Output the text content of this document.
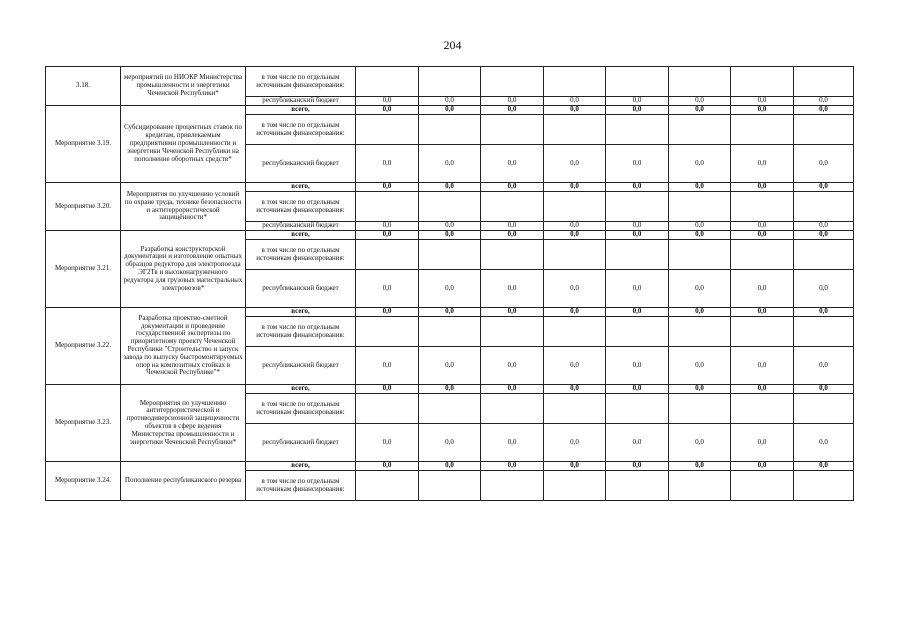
204
3.18.	мероприятий по НИОКР Министерства промышленности и энергетики Чеченской Республики*	в том числе по отдельным источникам финансирования:								
		республиканский бюджет	0,0	0,0	0,0	0,0	0,0	0,0	0,0	0,0
Мероприятие 3.19.	Субсидирование процентных ставок по кредитам, привлекаемым предприятиями промышленности и энергетики Чеченской Республики на пополнение оборотных средств*	всего,	0,0	0,0	0,0	0,0	0,0	0,0	0,0	0,0
		в том числе по отдельным источникам финансирования:								
		республиканский бюджет	0,0	0,0	0,0	0,0	0,0	0,0	0,0	0,0
Мероприятие 3.20.	Мероприятия по улучшению условий по охране труда, технике безопасности и антитеррористической защищённости*	всего,	0,0	0,0	0,0	0,0	0,0	0,0	0,0	0,0
		в том числе по отдельным источникам финансирования:								
		республиканский бюджет	0,0	0,0	0,0	0,0	0,0	0,0	0,0	0,0
Мероприятие 3.21.	Разработка конструкторской документации и изготовление опытных образцов редуктора для электропоезда ЭГ2Тв и высоконагруженного редуктора для грузовых магистральных электровозов*	всего,	0,0	0,0	0,0	0,0	0,0	0,0	0,0	0,0
		в том числе по отдельным источникам финансирования:								
		республиканский бюджет	0,0	0,0	0,0	0,0	0,0	0,0	0,0	0,0
Мероприятие 3.22.	Разработка проектно-сметной документации и проведение государственной экспертизы по приоритетному проекту Чеченской Республики "Строительство и запуск завода по выпуску быстромонтируемых опор на композитных стойках в Чеченской Республике"*	всего,	0,0	0,0	0,0	0,0	0,0	0,0	0,0	0,0
		в том числе по отдельным источникам финансирования:								
		республиканский бюджет	0,0	0,0	0,0	0,0	0,0	0,0	0,0	0,0
Мероприятие 3.23.	Мероприятия по улучшению антитеррористической и противодиверсионной защищенности объектов в сфере ведения Министерства промышленности и энергетики Чеченской Республики*	всего,	0,0	0,0	0,0	0,0	0,0	0,0	0,0	0,0
		в том числе по отдельным источникам финансирования:								
		республиканский бюджет	0,0	0,0	0,0	0,0	0,0	0,0	0,0	0,0
Мероприятие 3.24.	Пополнение республиканского резерва	всего,	0,0	0,0	0,0	0,0	0,0	0,0	0,0	0,0
		в том числе по отдельным источникам финансирования:								
